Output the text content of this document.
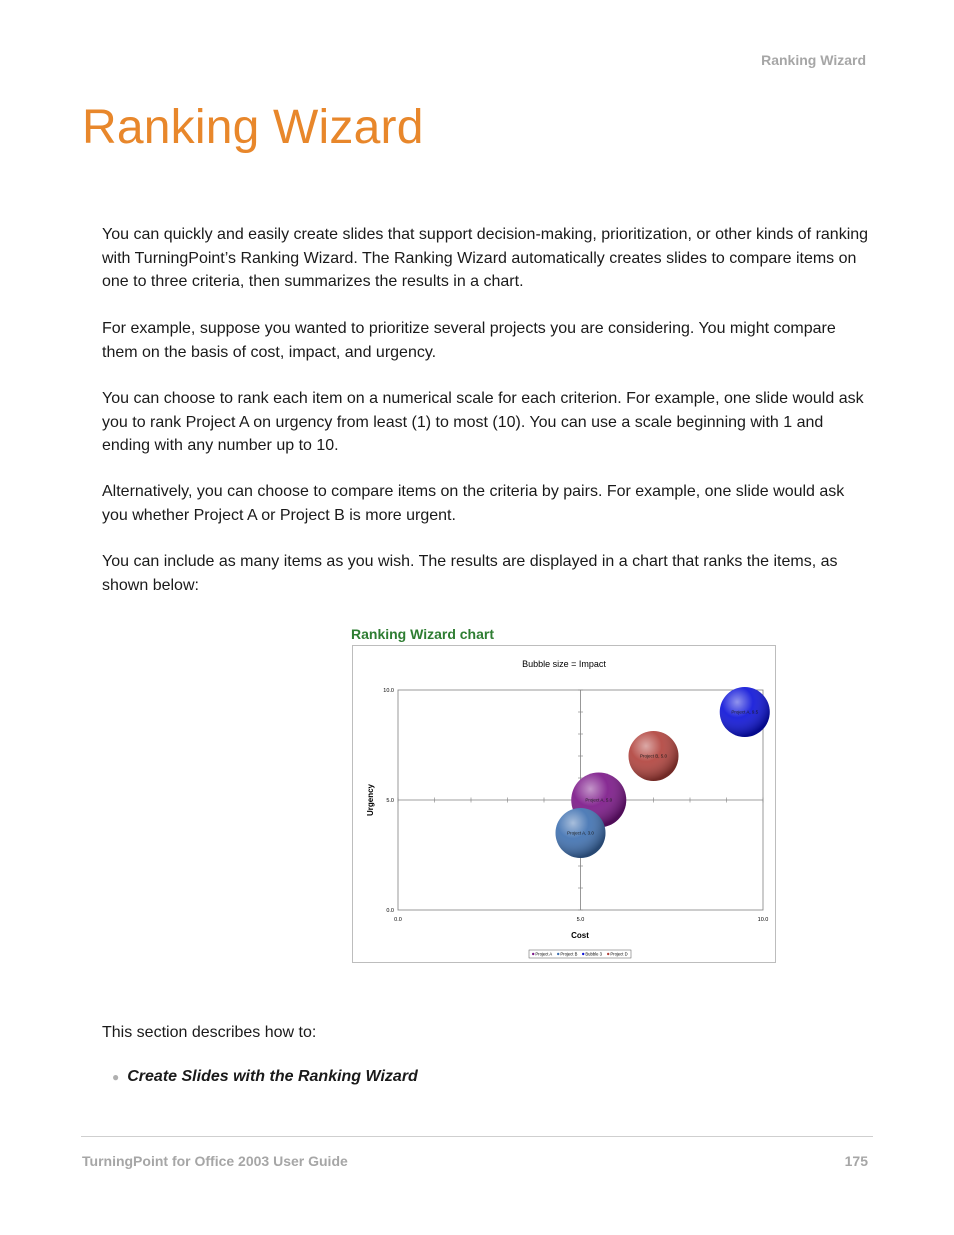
Ranking Wizard
Ranking Wizard

You can quickly and easily create slides that support decision-making, prioritization, or other kinds of ranking with TurningPoint’s Ranking Wizard. The Ranking Wizard automatically creates slides to compare items on one to three criteria, then summarizes the results in a chart.

For example, suppose you wanted to prioritize several projects you are considering. You might compare them on the basis of cost, impact, and urgency.

You can choose to rank each item on a numerical scale for each criterion. For example, one slide would ask you to rank Project A on urgency from least (1) to most (10). You can use a scale beginning with 1 and ending with any number up to 10.

Alternatively, you can choose to compare items on the criteria by pairs. For example, one slide would ask you whether Project A or Project B is more urgent.

You can include as many items as you wish. The results are displayed in a chart that ranks the items, as shown below:

Ranking Wizard chart
Bubble size = Impact
0.0	5.0	10.0
0.0
5.0
10.0
Project A, 5.0
Project A, 3.0
Project A, 9.5
Project B, 5.0
Cost
Urgency
Project A Project B Bubble 3 Project D

This section describes how to:

● Create Slides with the Ranking Wizard
TurningPoint for Office 2003 User Guide	175
